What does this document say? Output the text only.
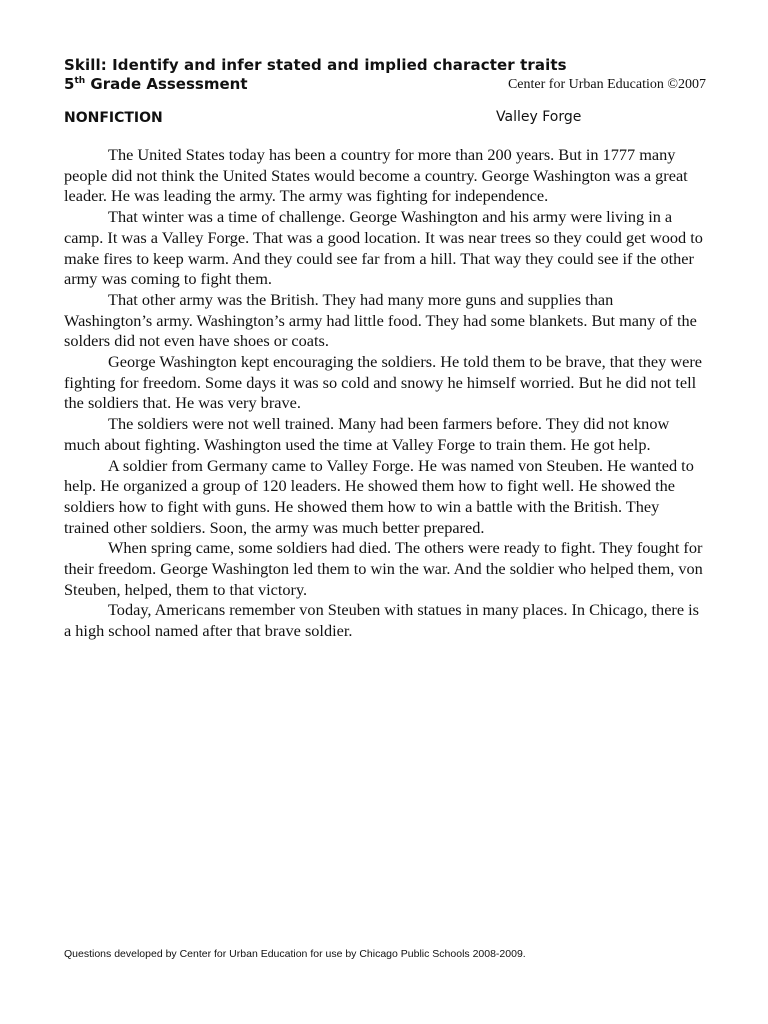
Skill: Identify and infer stated and implied character traits
5th Grade Assessment	Center for Urban Education ©2007
NONFICTION	Valley Forge

The United States today has been a country for more than 200 years. But in 1777 many people did not think the United States would become a country. George Washington was a great leader. He was leading the army. The army was fighting for independence.

That winter was a time of challenge. George Washington and his army were living in a camp. It was a Valley Forge. That was a good location. It was near trees so they could get wood to make fires to keep warm. And they could see far from a hill. That way they could see if the other army was coming to fight them.

That other army was the British. They had many more guns and supplies than Washington’s army. Washington’s army had little food. They had some blankets. But many of the solders did not even have shoes or coats.

George Washington kept encouraging the soldiers. He told them to be brave, that they were fighting for freedom. Some days it was so cold and snowy he himself worried. But he did not tell the soldiers that. He was very brave.

The soldiers were not well trained. Many had been farmers before. They did not know much about fighting. Washington used the time at Valley Forge to train them. He got help.

A soldier from Germany came to Valley Forge. He was named von Steuben. He wanted to help. He organized a group of 120 leaders. He showed them how to fight well. He showed the soldiers how to fight with guns. He showed them how to win a battle with the British. They trained other soldiers. Soon, the army was much better prepared.

When spring came, some soldiers had died. The others were ready to fight. They fought for their freedom. George Washington led them to win the war. And the soldier who helped them, von Steuben, helped, them to that victory.

Today, Americans remember von Steuben with statues in many places. In Chicago, there is a high school named after that brave soldier.

Questions developed by Center for Urban Education for use by Chicago Public Schools 2008-2009.
